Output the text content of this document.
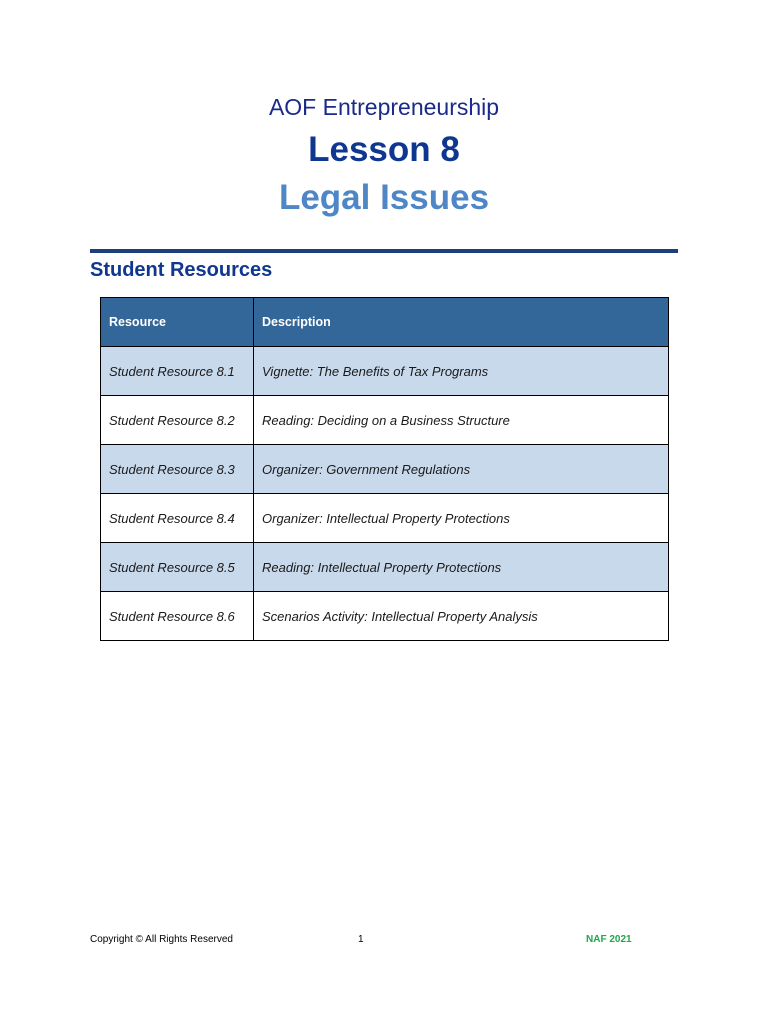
AOF Entrepreneurship
Lesson 8
Legal Issues
Student Resources
Resource	Description
Student Resource 8.1	Vignette: The Benefits of Tax Programs
Student Resource 8.2	Reading: Deciding on a Business Structure
Student Resource 8.3	Organizer: Government Regulations
Student Resource 8.4	Organizer: Intellectual Property Protections
Student Resource 8.5	Reading: Intellectual Property Protections
Student Resource 8.6	Scenarios Activity: Intellectual Property Analysis
Copyright © All Rights Reserved	1	NAF 2021
